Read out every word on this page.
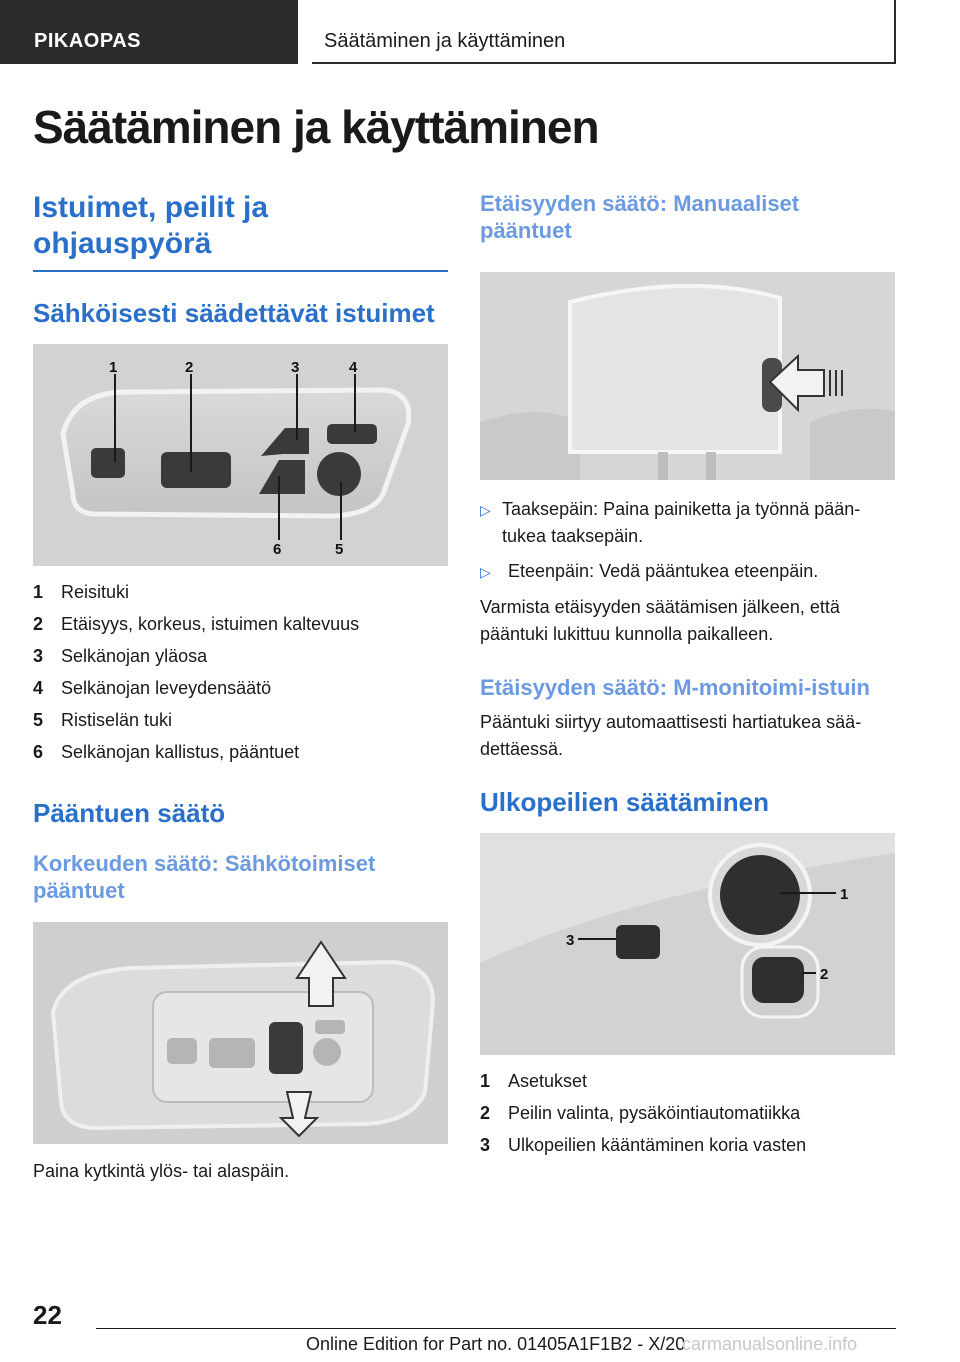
PIKAOPAS	Säätäminen ja käyttäminen
Säätäminen ja käyttäminen
Istuimet, peilit ja ohjauspyörä
Sähköisesti säädettävät istuimet
1	2	3	4
5
6
1 Reisituki
2 Etäisyys, korkeus, istuimen kaltevuus
3 Selkänojan yläosa
4 Selkänojan leveydensäätö
5 Ristiselän tuki
6 Selkänojan kallistus, pääntuet
Pääntuen säätö
Korkeuden säätö: Sähkötoimiset pääntuet

Paina kytkintä ylös- tai alaspäin.

Etäisyyden säätö: Manuaaliset pääntuet
▷ Taaksepäin: Paina painiketta ja työnnä pään-tukea taaksepäin.
▷ Eteenpäin: Vedä pääntukea eteenpäin.

Varmista etäisyyden säätämisen jälkeen, että pääntuki lukittuu kunnolla paikalleen.

Etäisyyden säätö: M-monitoimi-istuin

Pääntuki siirtyy automaattisesti hartiatukea sää-dettäessä.

Ulkopeilien säätäminen
1
2
3
1 Asetukset
2 Peilin valinta, pysäköintiautomatiikka
3 Ulkopeilien kääntäminen koria vasten
22
Online Edition for Part no. 01405A1F1B2 - X/20
carmanualsonline.info
